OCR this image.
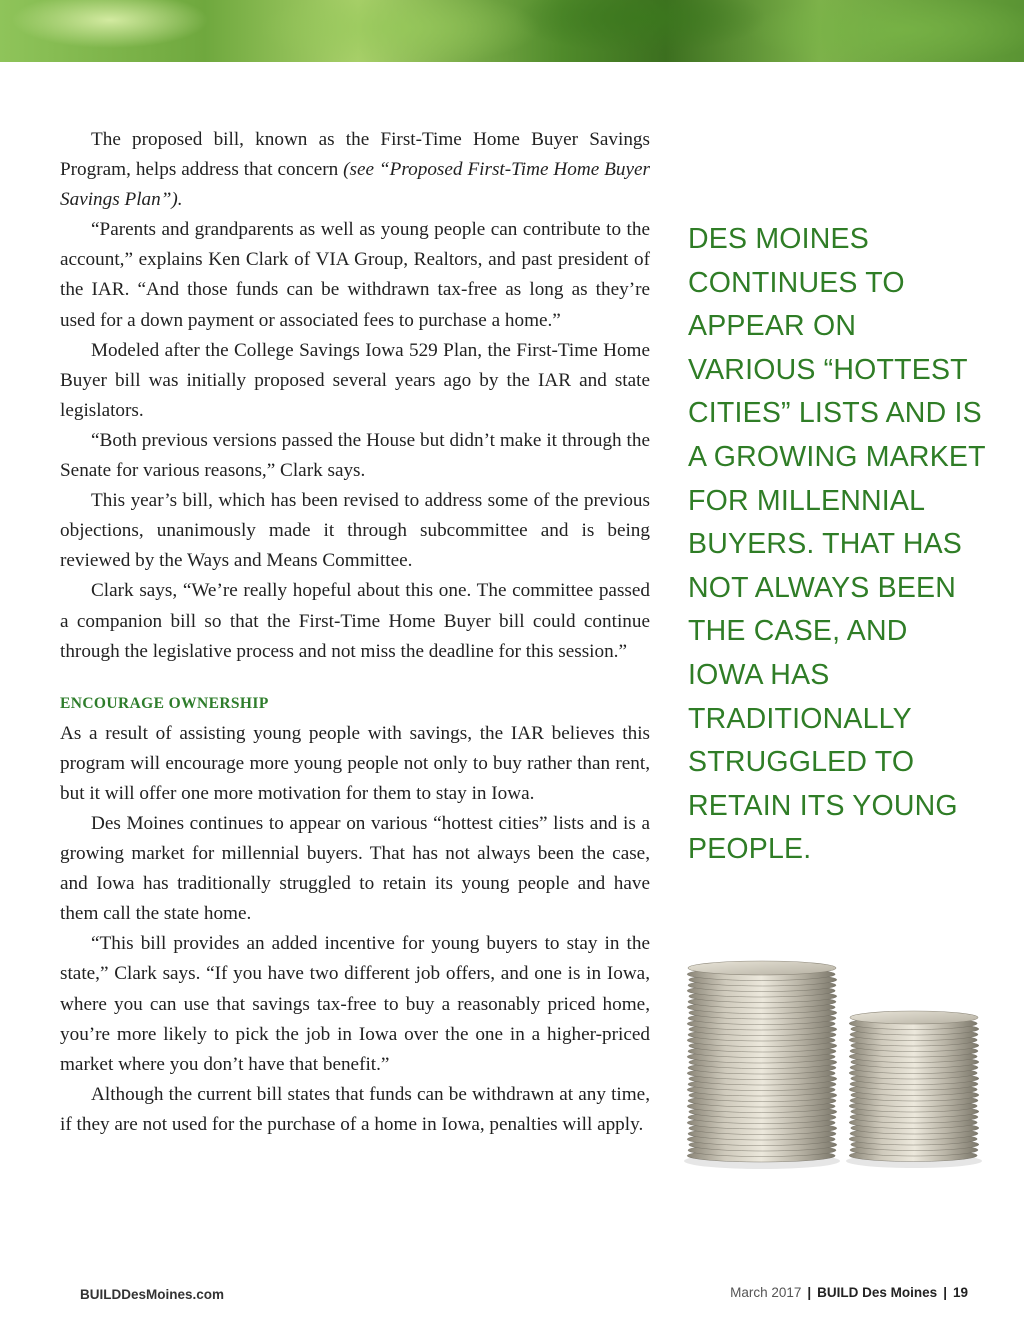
The proposed bill, known as the First-Time Home Buyer Savings Program, helps address that concern (see “Proposed First-Time Home Buyer Savings Plan”).

“Parents and grandparents as well as young people can contribute to the account,” explains Ken Clark of VIA Group, Realtors, and past president of the IAR. “And those funds can be withdrawn tax-free as long as they’re used for a down payment or associated fees to purchase a home.”

Modeled after the College Savings Iowa 529 Plan, the First-Time Home Buyer bill was initially proposed several years ago by the IAR and state legislators.

“Both previous versions passed the House but didn’t make it through the Senate for various reasons,” Clark says.

This year’s bill, which has been revised to address some of the previous objections, unanimously made it through subcommittee and is being reviewed by the Ways and Means Committee.

Clark says, “We’re really hopeful about this one. The committee passed a companion bill so that the First-Time Home Buyer bill could continue through the legislative process and not miss the deadline for this session.”

ENCOURAGE OWNERSHIP

As a result of assisting young people with savings, the IAR believes this program will encourage more young people not only to buy rather than rent, but it will offer one more motivation for them to stay in Iowa.

Des Moines continues to appear on various “hottest cities” lists and is a growing market for millennial buyers. That has not always been the case, and Iowa has traditionally struggled to retain its young people and have them call the state home.

“This bill provides an added incentive for young buyers to stay in the state,” Clark says. “If you have two different job offers, and one is in Iowa, where you can use that savings tax-free to buy a reasonably priced home, you’re more likely to pick the job in Iowa over the one in a higher-priced market where you don’t have that benefit.”

Although the current bill states that funds can be withdrawn at any time, if they are not used for the purchase of a home in Iowa, penalties will apply.

DES MOINES CONTINUES TO APPEAR ON VARIOUS “HOTTEST CITIES” LISTS AND IS A GROWING MARKET FOR MILLENNIAL BUYERS. THAT HAS NOT ALWAYS BEEN THE CASE, AND IOWA HAS TRADITIONALLY STRUGGLED TO RETAIN ITS YOUNG PEOPLE.
BUILDDesMoines.com	March 2017 | BUILD Des Moines | 19
